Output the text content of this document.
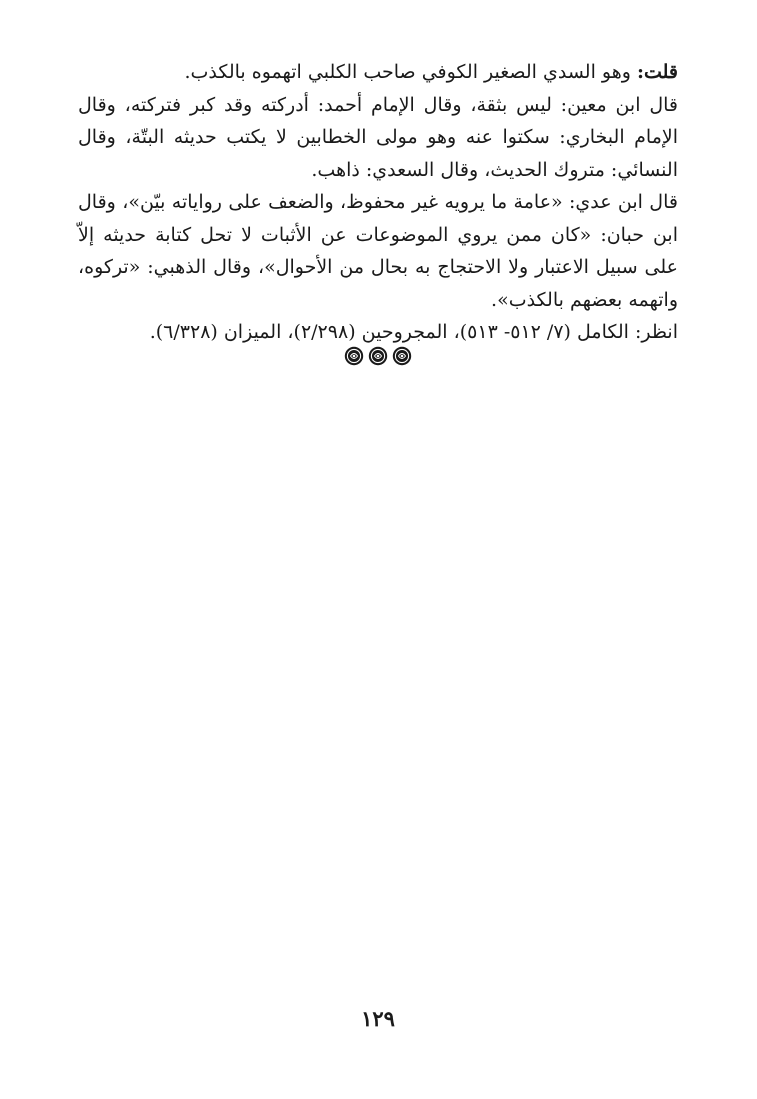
قلت: وهو السدي الصغير الكوفي صاحب الكلبي اتهموه بالكذب.

قال ابن معين: ليس بثقة، وقال الإمام أحمد: أدركته وقد كبر فتركته، وقال الإمام البخاري: سكتوا عنه وهو مولى الخطابين لا يكتب حديثه البتّة، وقال النسائي: متروك الحديث، وقال السعدي: ذاهب.

قال ابن عدي: «عامة ما يرويه غير محفوظ، والضعف على رواياته بيّن»، وقال ابن حبان: «كان ممن يروي الموضوعات عن الأثبات لا تحل كتابة حديثه إلاّ على سبيل الاعتبار ولا الاحتجاج به بحال من الأحوال»، وقال الذهبي: «تركوه، واتهمه بعضهم بالكذب».

انظر: الكامل (٧/ ٥١٢- ٥١٣)، المجروحين (٢/٢٩٨)، الميزان (٦/٣٢٨).

١٢٩
